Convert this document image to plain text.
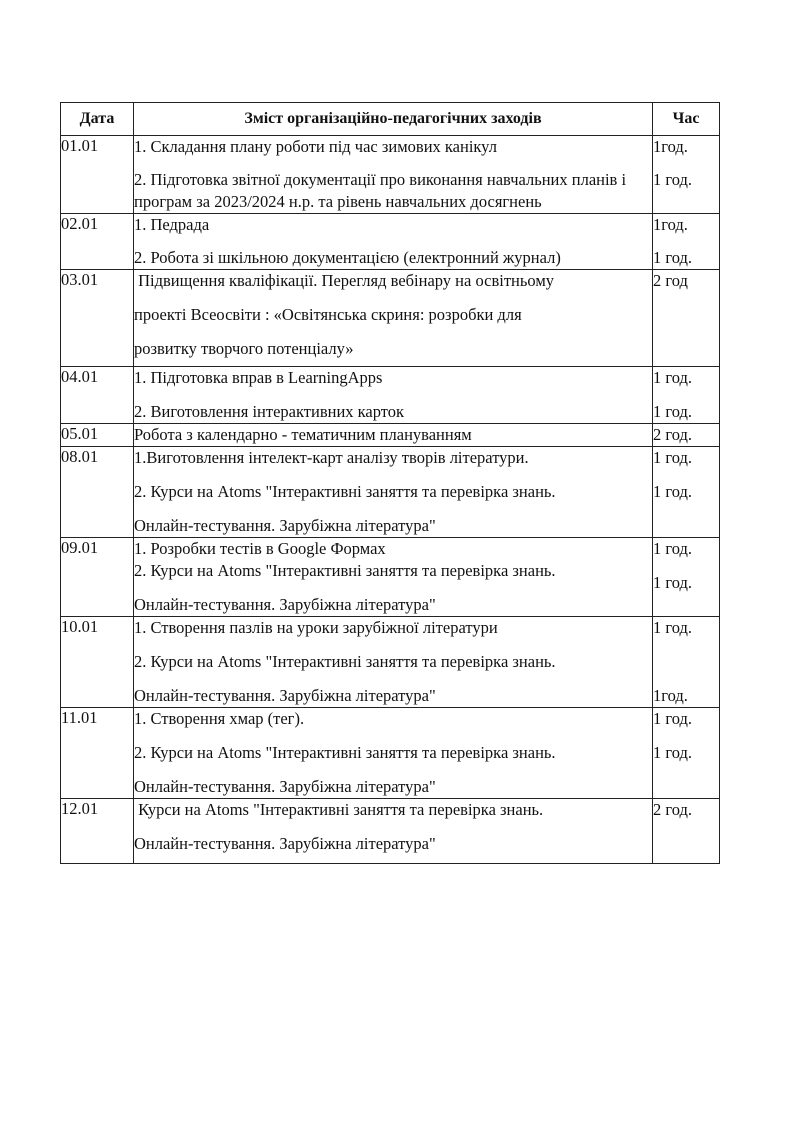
Дата	Зміст організаційно-педагогічних заходів	Час
01.01	1. Складання плану роботи під час зимових канікул
2. Підготовка звітної документації про виконання навчальних планів і програм за 2023/2024 н.р. та рівень навчальних досягнень	1год.
1 год.

02.01	1. Педрада
2. Робота зі шкільною документацією (електронний журнал)	1год.
1 год.

03.01	Підвищення кваліфікації. Перегляд вебінару на освітньому
проекті Всеосвіти : «Освітянська скриня: розробки для
розвитку творчого потенціалу»	2 год

04.01	1. Підготовка вправ в LearningApps
2. Виготовлення інтерактивних карток	1 год.
1 год.

05.01	Робота з календарно - тематичним плануванням	2 год.

08.01	1.Виготовлення інтелект-карт аналізу творів літератури.
2. Курси на Atoms "Інтерактивні заняття та перевірка знань.
Онлайн-тестування. Зарубіжна література"	1 год.
1 год.

09.01	1. Розробки тестів в Google Формах
2. Курси на Atoms "Інтерактивні заняття та перевірка знань.
Онлайн-тестування. Зарубіжна література"	1 год.
1 год.

10.01	1. Створення пазлів на уроки зарубіжної літератури
2. Курси на Atoms "Інтерактивні заняття та перевірка знань.
Онлайн-тестування. Зарубіжна література"	1 год.
1год.

11.01	1. Створення хмар (тег).
2. Курси на Atoms "Інтерактивні заняття та перевірка знань.
Онлайн-тестування. Зарубіжна література"	1 год.
1 год.

12.01	Курси на Atoms "Інтерактивні заняття та перевірка знань.
Онлайн-тестування. Зарубіжна література"	2 год.
